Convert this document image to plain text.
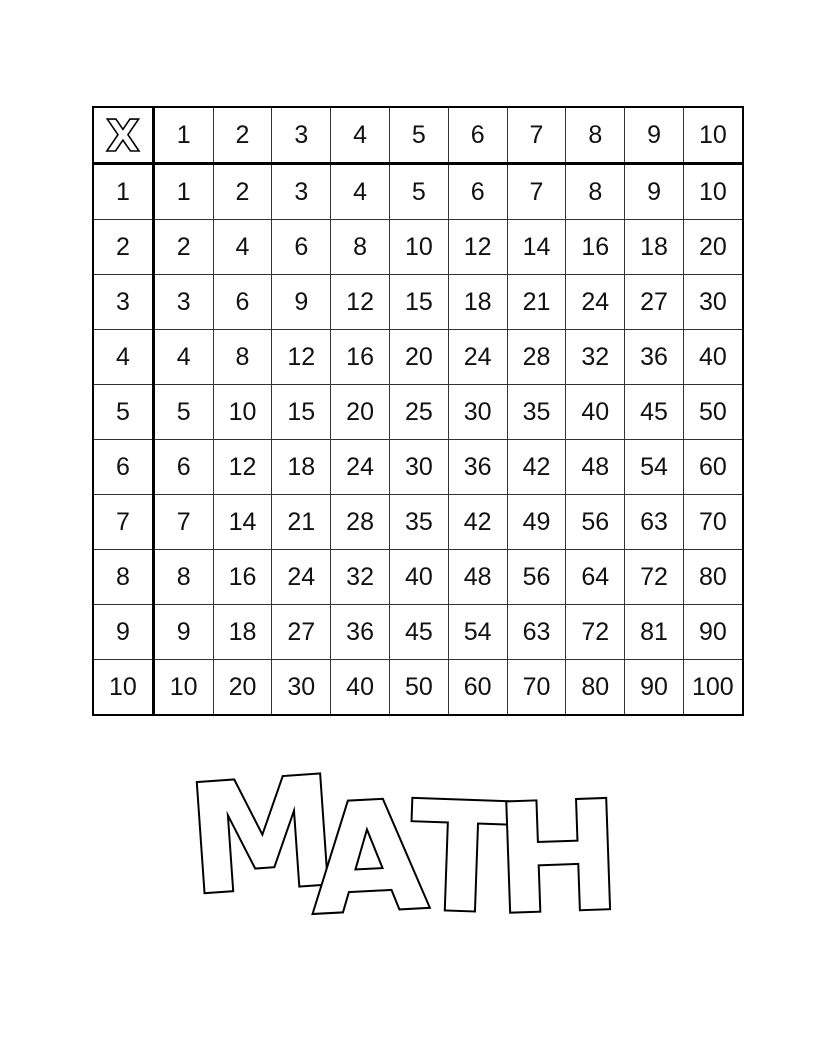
X	1	2	3	4	5	6	7	8	9	10
1	1	2	3	4	5	6	7	8	9	10
2	2	4	6	8	10	12	14	16	18	20
3	3	6	9	12	15	18	21	24	27	30
4	4	8	12	16	20	24	28	32	36	40
5	5	10	15	20	25	30	35	40	45	50
6	6	12	18	24	30	36	42	48	54	60
7	7	14	21	28	35	42	49	56	63	70
8	8	16	24	32	40	48	56	64	72	80
9	9	18	27	36	45	54	63	72	81	90
10	10	20	30	40	50	60	70	80	90	100
M
A
T
H
